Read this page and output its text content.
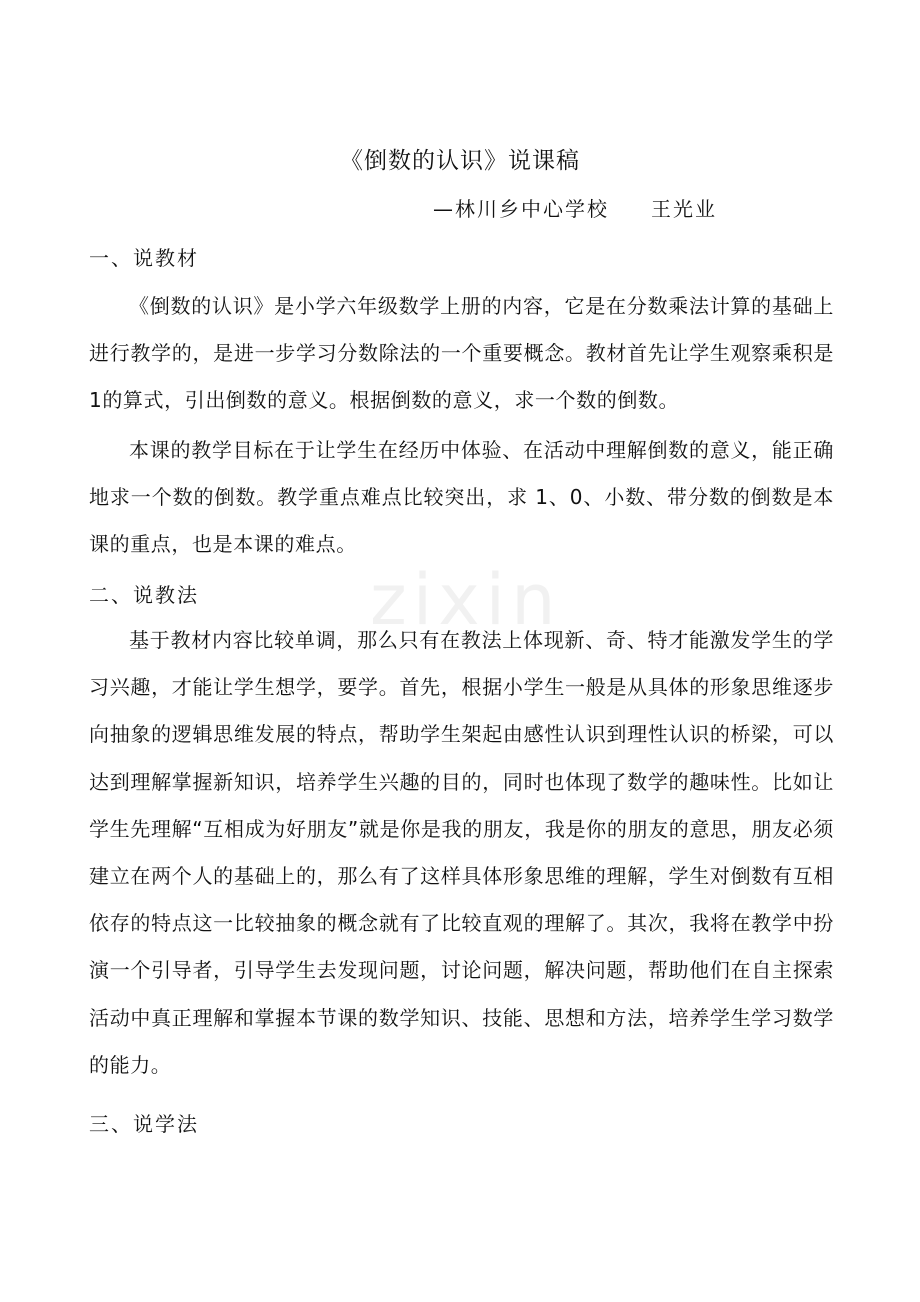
zixin
《倒数的认识》说课稿
—林川乡中心学校 王光业
一、说教材
《倒数的认识》是小学六年级数学上册的内容，它是在分数乘法计算的基础上进行教学的，是进一步学习分数除法的一个重要概念。教材首先让学生观察乘积是1的算式，引出倒数的意义。根据倒数的意义，求一个数的倒数。
本课的教学目标在于让学生在经历中体验、在活动中理解倒数的意义，能正确地求一个数的倒数。教学重点难点比较突出，求 1、0、小数、带分数的倒数是本课的重点，也是本课的难点。
二、说教法
基于教材内容比较单调，那么只有在教法上体现新、奇、特才能激发学生的学习兴趣，才能让学生想学，要学。首先，根据小学生一般是从具体的形象思维逐步向抽象的逻辑思维发展的特点，帮助学生架起由感性认识到理性认识的桥梁，可以达到理解掌握新知识，培养学生兴趣的目的，同时也体现了数学的趣味性。比如让学生先理解“互相成为好朋友”就是你是我的朋友，我是你的朋友的意思，朋友必须建立在两个人的基础上的，那么有了这样具体形象思维的理解，学生对倒数有互相依存的特点这一比较抽象的概念就有了比较直观的理解了。其次，我将在教学中扮演一个引导者，引导学生去发现问题，讨论问题，解决问题，帮助他们在自主探索活动中真正理解和掌握本节课的数学知识、技能、思想和方法，培养学生学习数学的能力。
三、说学法
